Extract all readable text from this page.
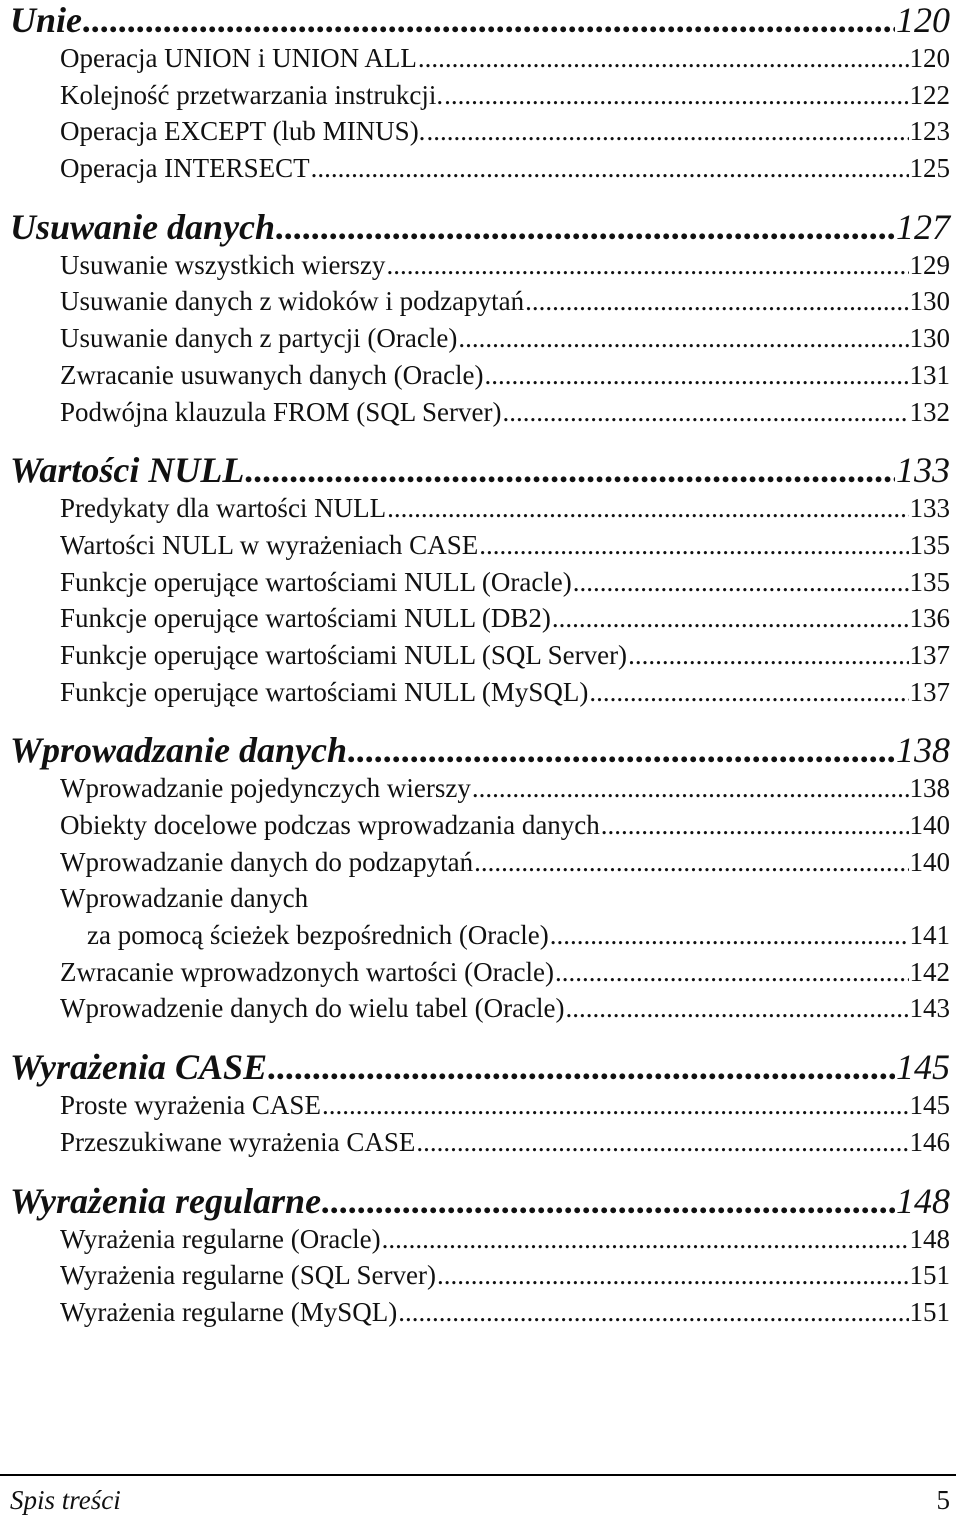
Unie .....	120
Operacja UNION i UNION ALL .....	120
Kolejność przetwarzania instrukcji. .....	122
Operacja EXCEPT (lub MINUS). .....	123
Operacja INTERSECT .....	125
Usuwanie danych .....	127
Usuwanie wszystkich wierszy .....	129
Usuwanie danych z widoków i podzapytań .....	130
Usuwanie danych z partycji (Oracle) .....	130
Zwracanie usuwanych danych (Oracle) .....	131
Podwójna klauzula FROM (SQL Server) .....	132
Wartości NULL .....	133
Predykaty dla wartości NULL .....	133
Wartości NULL w wyrażeniach CASE .....	135
Funkcje operujące wartościami NULL (Oracle) .....	135
Funkcje operujące wartościami NULL (DB2) .....	136
Funkcje operujące wartościami NULL (SQL Server) .....	137
Funkcje operujące wartościami NULL (MySQL) .....	137
Wprowadzanie danych .....	138
Wprowadzanie pojedynczych wierszy .....	138
Obiekty docelowe podczas wprowadzania danych .....	140
Wprowadzanie danych do podzapytań .....	140
Wprowadzanie danych
za pomocą ścieżek bezpośrednich (Oracle) .....	141
Zwracanie wprowadzonych wartości (Oracle) .....	142
Wprowadzenie danych do wielu tabel (Oracle) .....	143
Wyrażenia CASE .....	145
Proste wyrażenia CASE .....	145
Przeszukiwane wyrażenia CASE .....	146
Wyrażenia regularne .....	148
Wyrażenia regularne (Oracle) .....	148
Wyrażenia regularne (SQL Server) .....	151
Wyrażenia regularne (MySQL) .....	151
Spis treści	5
